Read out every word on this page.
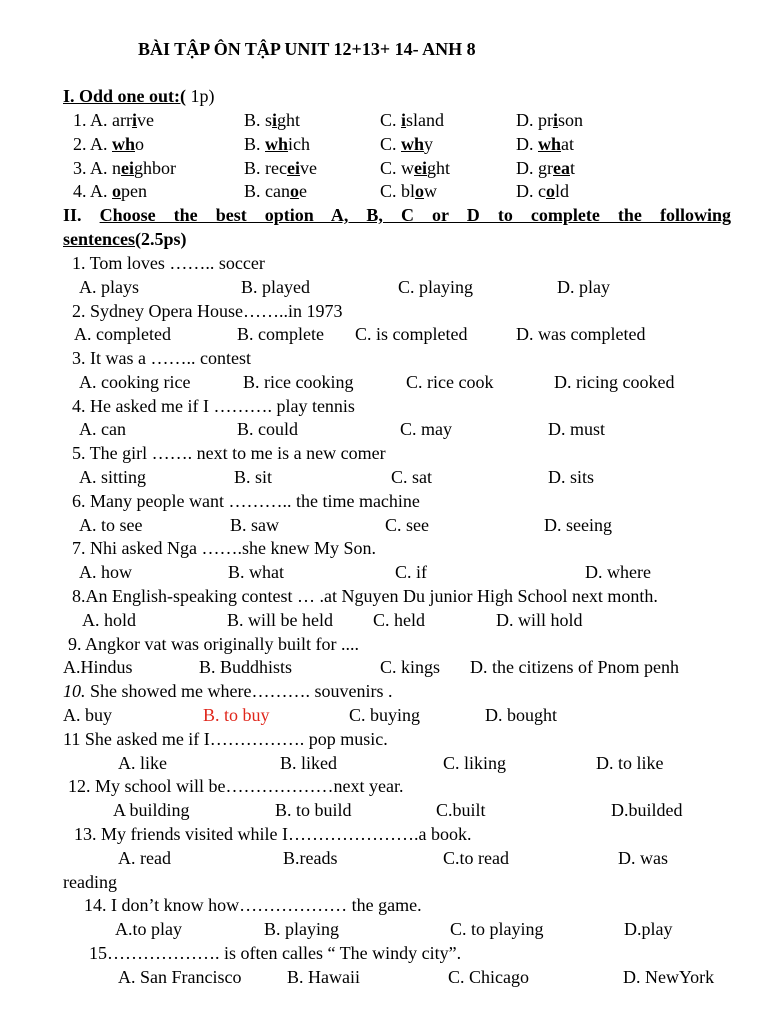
BÀI TẬP ÔN TẬP UNIT 12+13+ 14- ANH 8
I. Odd one out:( 1p)
1. A. arrive	B. sight	C. island	D. prison
2. A. who	B. which	C. why	D. what
3. A. neighbor	B. receive	C. weight	D. great
4. A. open	B. canoe	C. blow	D. cold
II. Choose the best option A, B, C or D to complete the following
sentences(2.5ps)
1. Tom loves …….. soccer
A. plays	B. played	C. playing	D. play
2. Sydney Opera House……..in 1973
A. completed	B. complete C. is completed	D. was completed
3. It was a …….. contest
A. cooking rice	B. rice cooking	C. rice cook	D. ricing cooked
4. He asked me if I ………. play tennis
A. can	B. could	C. may	D. must
5. The girl ……. next to me is a new comer
A. sitting	B. sit	C. sat	D. sits
6. Many people want ……….. the time machine
A. to see	B. saw	C. see	D. seeing
7. Nhi asked Nga …….she knew My Son.
A. how	B. what	C. if	D. where
8.An English-speaking contest … .at Nguyen Du junior High School next month.
A. hold	B. will be held C. held	D. will hold
9. Angkor vat was originally built for ....
A.Hindus	B. Buddhists	C. kings D. the citizens of Pnom penh
10. She showed me where………. souvenirs .
A. buy	B. to buy	C. buying	D. bought
11 She asked me if I……………. pop music.
A. like	B. liked	C. liking	D. to like
12. My school will be………………next year.
A building	B. to build	C.built	D.builded
13. My friends visited while I………………….a book.
A. read	B.reads	C.to read	D. was
reading
14. I don’t know how……………… the game.
A.to play	B. playing	C. to playing	D.play
15………………. is often calles “ The windy city”.
A. San Francisco	B. Hawaii	C. Chicago	D. NewYork
